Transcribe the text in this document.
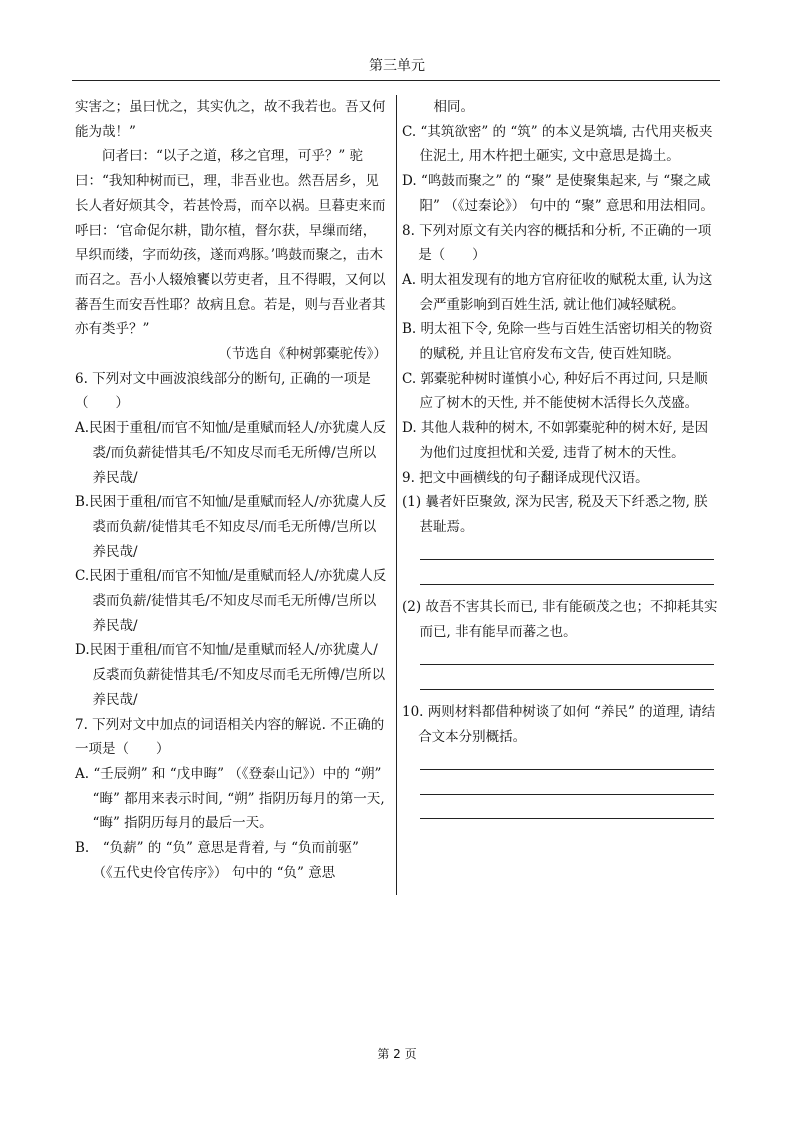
第三单元

实害之；虽曰忧之，其实仇之，故不我若也。吾又何能为哉！”

问者曰：“以子之道，移之官理，可乎？” 驼曰：“我知种树而已，理，非吾业也。然吾居乡，见长人者好烦其令，若甚怜焉，而卒以祸。旦暮吏来而呼曰：‘官命促尔耕，勖尔植，督尔获，早缫而绪，早织而缕，字而幼孩，遂而鸡豚。’鸣鼓而聚之，击木而召之。吾小人辍飧饔以劳吏者，且不得暇，又何以蕃吾生而安吾性耶？故病且怠。若是，则与吾业者其亦有类乎？”

（节选自《种树郭橐驼传》）

6. 下列对文中画波浪线部分的断句, 正确的一项是（　　）

A.民困于重租/而官不知恤/是重赋而轻人/亦犹虞人反裘/而负薪徒惜其毛/不知皮尽而毛无所傅/岂所以养民哉/

B.民困于重租/而官不知恤/是重赋而轻人/亦犹虞人反裘而负薪/徒惜其毛不知皮尽/而毛无所傅/岂所以养民哉/

C.民困于重租/而官不知恤/是重赋而轻人/亦犹虞人反裘而负薪/徒惜其毛/不知皮尽而毛无所傅/岂所以养民哉/

D.民困于重租/而官不知恤/是重赋而轻人/亦犹虞人/反裘而负薪徒惜其毛/不知皮尽而毛无所傅/岂所以养民哉/

7. 下列对文中加点的词语相关内容的解说. 不正确的一项是（　　）

A. “壬辰朔” 和 “戊申晦” （《登泰山记》）中的 “朔” “晦” 都用来表示时间, “朔” 指阴历每月的第一天, “晦” 指阴历每月的最后一天。

B.　“负薪” 的 “负” 意思是背着, 与 “负而前驱” （《五代史伶官传序》） 句中的 “负” 意思

相同。

C. “其筑欲密” 的 “筑” 的本义是筑墙, 古代用夹板夹住泥土, 用木杵把土砸实, 文中意思是捣土。

D. “鸣鼓而聚之” 的 “聚” 是使聚集起来, 与 “聚之咸阳” （《过秦论》） 句中的 “聚” 意思和用法相同。

8. 下列对原文有关内容的概括和分析, 不正确的一项是（　　）

A. 明太祖发现有的地方官府征收的赋税太重, 认为这会严重影响到百姓生活, 就让他们减轻赋税。

B. 明太祖下令, 免除一些与百姓生活密切相关的物资的赋税, 并且让官府发布文告, 使百姓知晓。

C. 郭橐驼种树时谨慎小心, 种好后不再过问, 只是顺应了树木的天性, 并不能使树木活得长久茂盛。

D. 其他人栽种的树木, 不如郭橐驼种的树木好, 是因为他们过度担忧和关爱, 违背了树木的天性。

9. 把文中画横线的句子翻译成现代汉语。

(1) 曩者奸臣聚敛, 深为民害, 税及天下纤悉之物, 朕甚耻焉。

(2) 故吾不害其长而已, 非有能硕茂之也；不抑耗其实而已, 非有能早而蕃之也。

10. 两则材料都借种树谈了如何 “养民” 的道理, 请结合文本分别概括。

第 2 页
